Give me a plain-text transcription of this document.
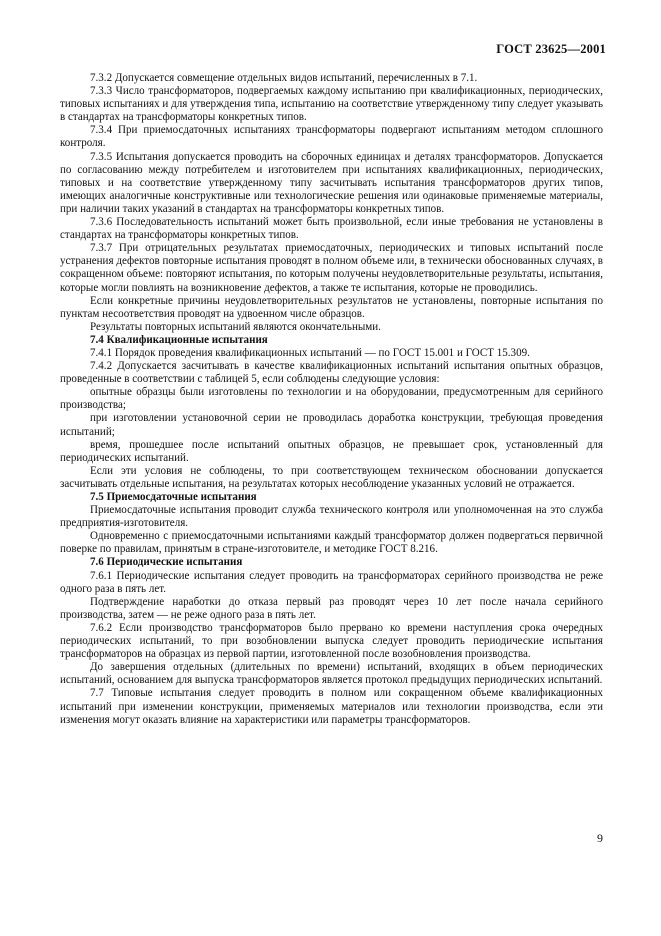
ГОСТ 23625—2001

7.3.2 Допускается совмещение отдельных видов испытаний, перечисленных в 7.1.

7.3.3 Число трансформаторов, подвергаемых каждому испытанию при квалификационных, периодических, типовых испытаниях и для утверждения типа, испытанию на соответствие утвержденному типу следует указывать в стандартах на трансформаторы конкретных типов.

7.3.4 При приемосдаточных испытаниях трансформаторы подвергают испытаниям методом сплошного контроля.

7.3.5 Испытания допускается проводить на сборочных единицах и деталях трансформаторов. Допускается по согласованию между потребителем и изготовителем при испытаниях квалификационных, периодических, типовых и на соответствие утвержденному типу засчитывать испытания трансформаторов других типов, имеющих аналогичные конструктивные или технологические решения или одинаковые применяемые материалы, при наличии таких указаний в стандартах на трансформаторы конкретных типов.

7.3.6 Последовательность испытаний может быть произвольной, если иные требования не установлены в стандартах на трансформаторы конкретных типов.

7.3.7 При отрицательных результатах приемосдаточных, периодических и типовых испытаний после устранения дефектов повторные испытания проводят в полном объеме или, в технически обоснованных случаях, в сокращенном объеме: повторяют испытания, по которым получены неудовлетворительные результаты, испытания, которые могли повлиять на возникновение дефектов, а также те испытания, которые не проводились.

Если конкретные причины неудовлетворительных результатов не установлены, повторные испытания по пунктам несоответствия проводят на удвоенном числе образцов.

Результаты повторных испытаний являются окончательными.

7.4 Квалификационные испытания

7.4.1 Порядок проведения квалификационных испытаний — по ГОСТ 15.001 и ГОСТ 15.309.

7.4.2 Допускается засчитывать в качестве квалификационных испытаний испытания опытных образцов, проведенные в соответствии с таблицей 5, если соблюдены следующие условия:

опытные образцы были изготовлены по технологии и на оборудовании, предусмотренным для серийного производства;

при изготовлении установочной серии не проводилась доработка конструкции, требующая проведения испытаний;

время, прошедшее после испытаний опытных образцов, не превышает срок, установленный для периодических испытаний.

Если эти условия не соблюдены, то при соответствующем техническом обосновании допускается засчитывать отдельные испытания, на результатах которых несоблюдение указанных условий не отражается.

7.5 Приемосдаточные испытания

Приемосдаточные испытания проводит служба технического контроля или уполномоченная на это служба предприятия-изготовителя.

Одновременно с приемосдаточными испытаниями каждый трансформатор должен подвергаться первичной поверке по правилам, принятым в стране-изготовителе, и методике ГОСТ 8.216.

7.6 Периодические испытания

7.6.1 Периодические испытания следует проводить на трансформаторах серийного производства не реже одного раза в пять лет.

Подтверждение наработки до отказа первый раз проводят через 10 лет после начала серийного производства, затем — не реже одного раза в пять лет.

7.6.2 Если производство трансформаторов было прервано ко времени наступления срока очередных периодических испытаний, то при возобновлении выпуска следует проводить периодические испытания трансформаторов на образцах из первой партии, изготовленной после возобновления производства.

До завершения отдельных (длительных по времени) испытаний, входящих в объем периодических испытаний, основанием для выпуска трансформаторов является протокол предыдущих периодических испытаний.

7.7 Типовые испытания следует проводить в полном или сокращенном объеме квалификационных испытаний при изменении конструкции, применяемых материалов или технологии производства, если эти изменения могут оказать влияние на характеристики или параметры трансформаторов.

9
